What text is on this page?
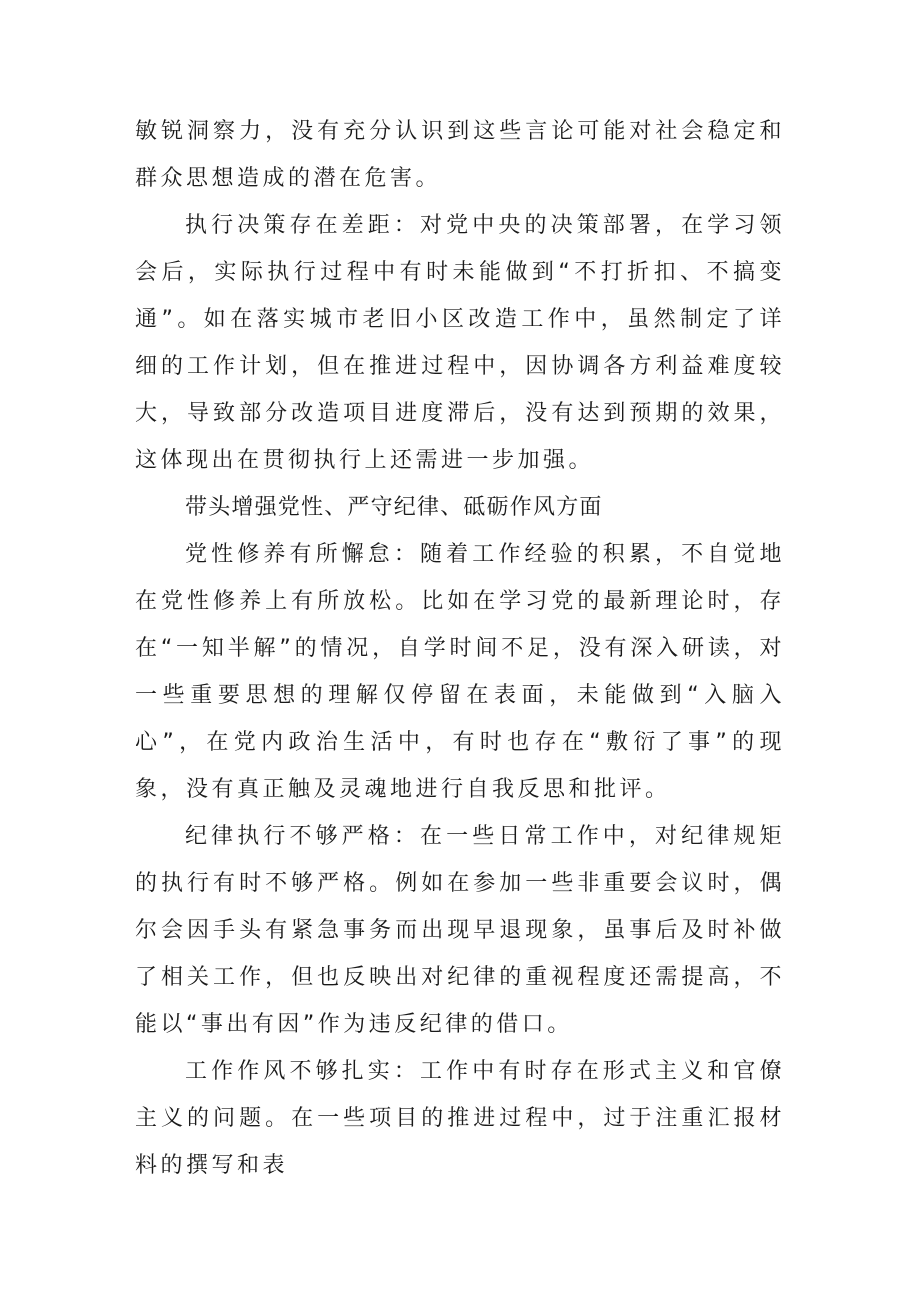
敏锐洞察力，没有充分认识到这些言论可能对社会稳定和群众思想造成的潜在危害。

执行决策存在差距：对党中央的决策部署，在学习领会后，实际执行过程中有时未能做到“不打折扣、不搞变通”。如在落实城市老旧小区改造工作中，虽然制定了详细的工作计划，但在推进过程中，因协调各方利益难度较大，导致部分改造项目进度滞后，没有达到预期的效果，这体现出在贯彻执行上还需进一步加强。

带头增强党性、严守纪律、砥砺作风方面

党性修养有所懈怠：随着工作经验的积累，不自觉地在党性修养上有所放松。比如在学习党的最新理论时，存在“一知半解”的情况，自学时间不足，没有深入研读，对一些重要思想的理解仅停留在表面，未能做到“入脑入心”，在党内政治生活中，有时也存在“敷衍了事”的现象，没有真正触及灵魂地进行自我反思和批评。

纪律执行不够严格：在一些日常工作中，对纪律规矩的执行有时不够严格。例如在参加一些非重要会议时，偶尔会因手头有紧急事务而出现早退现象，虽事后及时补做了相关工作，但也反映出对纪律的重视程度还需提高，不能以“事出有因”作为违反纪律的借口。

工作作风不够扎实：工作中有时存在形式主义和官僚主义的问题。在一些项目的推进过程中，过于注重汇报材料的撰写和表
